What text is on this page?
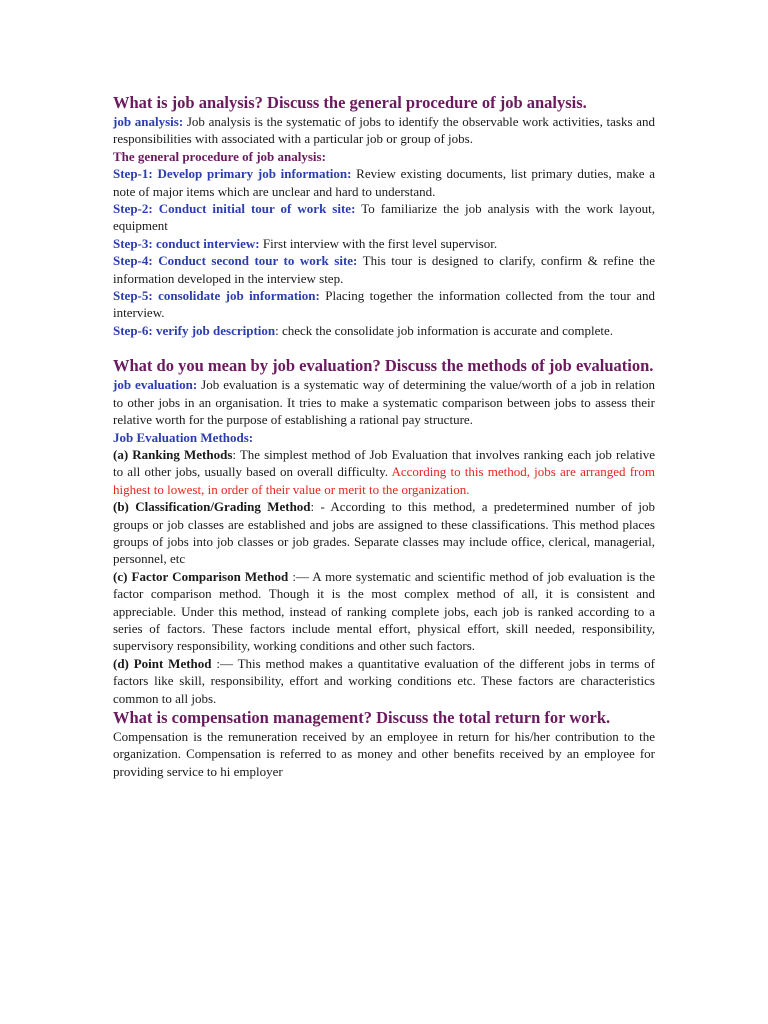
What is job analysis? Discuss the general procedure of job analysis.

job analysis: Job analysis is the systematic of jobs to identify the observable work activities, tasks and responsibilities with associated with a particular job or group of jobs.

The general procedure of job analysis:

Step-1: Develop primary job information: Review existing documents, list primary duties, make a note of major items which are unclear and hard to understand.

Step-2: Conduct initial tour of work site: To familiarize the job analysis with the work layout, equipment

Step-3: conduct interview: First interview with the first level supervisor.

Step-4: Conduct second tour to work site: This tour is designed to clarify, confirm & refine the information developed in the interview step.

Step-5: consolidate job information: Placing together the information collected from the tour and interview.

Step-6: verify job description: check the consolidate job information is accurate and complete.

What do you mean by job evaluation? Discuss the methods of job evaluation.

job evaluation: Job evaluation is a systematic way of determining the value/worth of a job in relation to other jobs in an organisation. It tries to make a systematic comparison between jobs to assess their relative worth for the purpose of establishing a rational pay structure.

Job Evaluation Methods:

(a) Ranking Methods: The simplest method of Job Evaluation that involves ranking each job relative to all other jobs, usually based on overall difficulty. According to this method, jobs are arranged from highest to lowest, in order of their value or merit to the organization.

(b) Classification/Grading Method: - According to this method, a predetermined number of job groups or job classes are established and jobs are assigned to these classifications. This method places groups of jobs into job classes or job grades. Separate classes may include office, clerical, managerial, personnel, etc

(c) Factor Comparison Method :— A more systematic and scientific method of job evaluation is the factor comparison method. Though it is the most complex method of all, it is consistent and appreciable. Under this method, instead of ranking complete jobs, each job is ranked according to a series of factors. These factors include mental effort, physical effort, skill needed, responsibility, supervisory responsibility, working conditions and other such factors.

(d) Point Method :— This method makes a quantitative evaluation of the different jobs in terms of factors like skill, responsibility, effort and working conditions etc. These factors are characteristics common to all jobs.

What is compensation management? Discuss the total return for work.

Compensation is the remuneration received by an employee in return for his/her contribution to the organization. Compensation is referred to as money and other benefits received by an employee for providing service to hi employer
